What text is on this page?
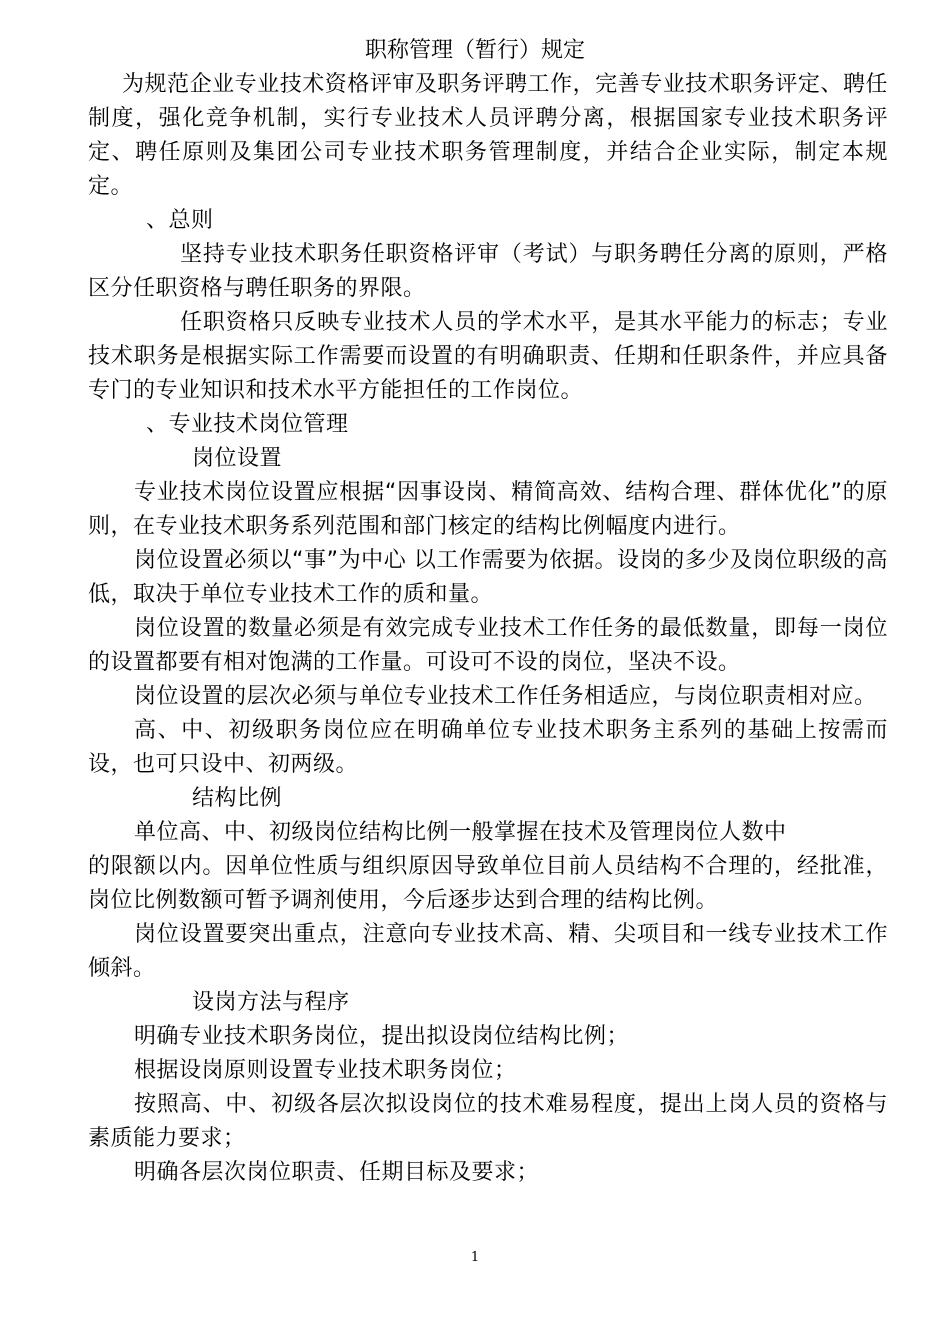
职称管理（暂行）规定

为规范企业专业技术资格评审及职务评聘工作，完善专业技术职务评定、聘任制度，强化竞争机制，实行专业技术人员评聘分离，根据国家专业技术职务评定、聘任原则及集团公司专业技术职务管理制度，并结合企业实际，制定本规定。

、总则

坚持专业技术职务任职资格评审（考试）与职务聘任分离的原则，严格区分任职资格与聘任职务的界限。

任职资格只反映专业技术人员的学术水平，是其水平能力的标志；专业技术职务是根据实际工作需要而设置的有明确职责、任期和任职条件，并应具备专门的专业知识和技术水平方能担任的工作岗位。

、专业技术岗位管理

岗位设置

专业技术岗位设置应根据“因事设岗、精简高效、结构合理、群体优化”的原则，在专业技术职务系列范围和部门核定的结构比例幅度内进行。

岗位设置必须以“事”为中心 以工作需要为依据。设岗的多少及岗位职级的高低，取决于单位专业技术工作的质和量。

岗位设置的数量必须是有效完成专业技术工作任务的最低数量，即每一岗位的设置都要有相对饱满的工作量。可设可不设的岗位，坚决不设。

岗位设置的层次必须与单位专业技术工作任务相适应，与岗位职责相对应。

高、中、初级职务岗位应在明确单位专业技术职务主系列的基础上按需而设，也可只设中、初两级。

结构比例

单位高、中、初级岗位结构比例一般掌握在技术及管理岗位人数中

的限额以内。因单位性质与组织原因导致单位目前人员结构不合理的，经批准，岗位比例数额可暂予调剂使用，今后逐步达到合理的结构比例。

岗位设置要突出重点，注意向专业技术高、精、尖项目和一线专业技术工作倾斜。

设岗方法与程序

明确专业技术职务岗位，提出拟设岗位结构比例；

根据设岗原则设置专业技术职务岗位；

按照高、中、初级各层次拟设岗位的技术难易程度，提出上岗人员的资格与素质能力要求；

明确各层次岗位职责、任期目标及要求；

1
